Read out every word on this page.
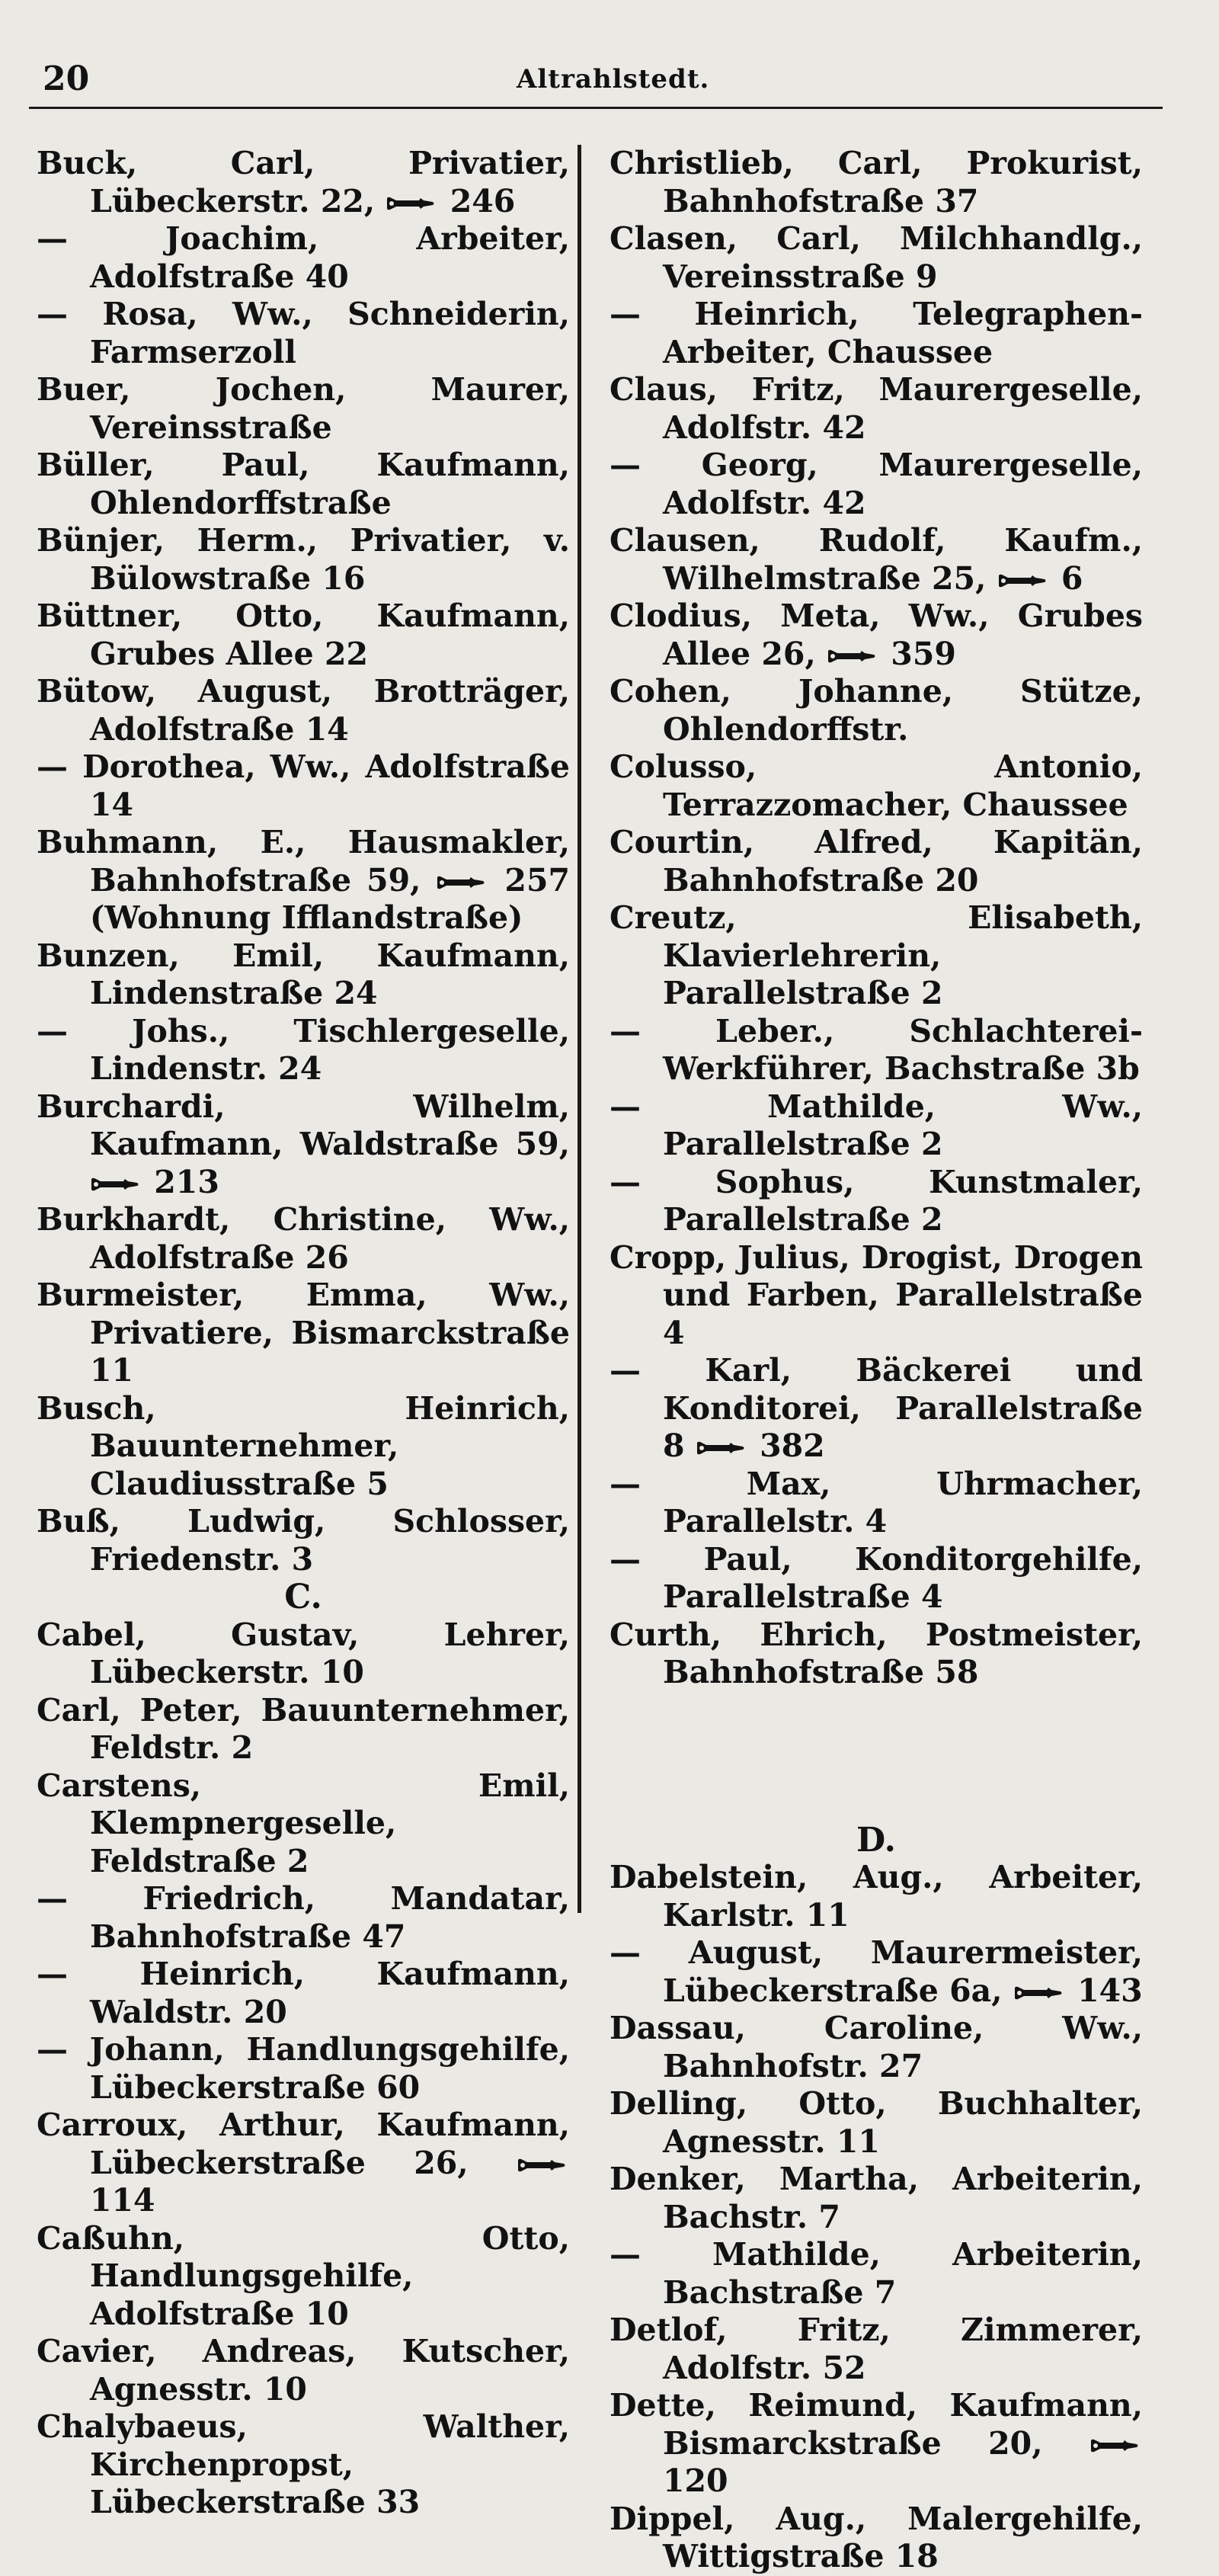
20	Altrahlstedt.
Buck, Carl, Privatier, Lübeckerstr. 22,  246
— Joachim, Arbeiter, Adolfstraße 40
— Rosa, Ww., Schneiderin, Farmserzoll
Buer, Jochen, Maurer, Vereinsstraße
Büller, Paul, Kaufmann, Ohlendorffstraße
Bünjer, Herm., Privatier, v. Bülowstraße 16
Büttner, Otto, Kaufmann, Grubes Allee 22
Bütow, August, Brotträger, Adolfstraße 14
— Dorothea, Ww., Adolfstraße 14
Buhmann, E., Hausmakler, Bahnhofstraße 59,  257 (Wohnung Ifflandstraße)
Bunzen, Emil, Kaufmann, Lindenstraße 24
— Johs., Tischlergeselle, Lindenstr. 24
Burchardi, Wilhelm, Kaufmann, Waldstraße 59,  213
Burkhardt, Christine, Ww., Adolfstraße 26
Burmeister, Emma, Ww., Privatiere, Bismarckstraße 11
Busch, Heinrich, Bauunternehmer, Claudiusstraße 5
Buß, Ludwig, Schlosser, Friedenstr. 3
C.
Cabel, Gustav, Lehrer, Lübeckerstr. 10
Carl, Peter, Bauunternehmer, Feldstr. 2
Carstens, Emil, Klempnergeselle, Feldstraße 2
— Friedrich, Mandatar, Bahnhofstraße 47
— Heinrich, Kaufmann, Waldstr. 20
— Johann, Handlungsgehilfe, Lübeckerstraße 60
Carroux, Arthur, Kaufmann, Lübeckerstraße 26,  114
Caßuhn, Otto, Handlungsgehilfe, Adolfstraße 10
Cavier, Andreas, Kutscher, Agnesstr. 10
Chalybaeus, Walther, Kirchenpropst, Lübeckerstraße 33
Christlieb, Carl, Prokurist, Bahnhofstraße 37
Clasen, Carl, Milchhandlg., Vereinsstraße 9
— Heinrich, Telegraphen-Arbeiter, Chaussee
Claus, Fritz, Maurergeselle, Adolfstr. 42
— Georg, Maurergeselle, Adolfstr. 42
Clausen, Rudolf, Kaufm., Wilhelmstraße 25,  6
Clodius, Meta, Ww., Grubes Allee 26,  359
Cohen, Johanne, Stütze, Ohlendorffstr.
Colusso, Antonio, Terrazzomacher, Chaussee
Courtin, Alfred, Kapitän, Bahnhofstraße 20
Creutz, Elisabeth, Klavierlehrerin, Parallelstraße 2
— Leber., Schlachterei-Werkführer, Bachstraße 3b
— Mathilde, Ww., Parallelstraße 2
— Sophus, Kunstmaler, Parallelstraße 2
Cropp, Julius, Drogist, Drogen und Farben, Parallelstraße 4
— Karl, Bäckerei und Konditorei, Parallelstraße 8  382
— Max, Uhrmacher, Parallelstr. 4
— Paul, Konditorgehilfe, Parallelstraße 4
Curth, Ehrich, Postmeister, Bahnhofstraße 58
D.
Dabelstein, Aug., Arbeiter, Karlstr. 11
— August, Maurermeister, Lübeckerstraße 6a,  143
Dassau, Caroline, Ww., Bahnhofstr. 27
Delling, Otto, Buchhalter, Agnesstr. 11
Denker, Martha, Arbeiterin, Bachstr. 7
— Mathilde, Arbeiterin, Bachstraße 7
Detlof, Fritz, Zimmerer, Adolfstr. 52
Dette, Reimund, Kaufmann, Bismarckstraße 20,  120
Dippel, Aug., Malergehilfe, Wittigstraße 18
